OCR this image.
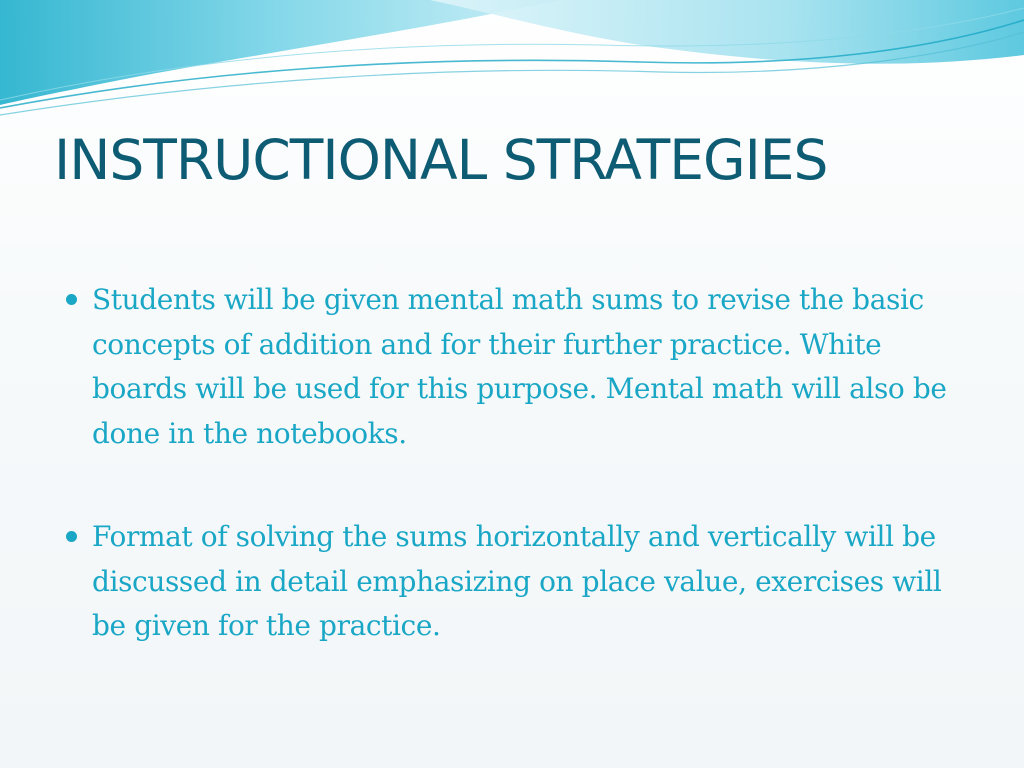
INSTRUCTIONAL STRATEGIES
Students will be given mental math sums to revise the basic concepts of addition and for their further practice. White boards will be used for this purpose. Mental math will also be done in the notebooks.
Format of solving the sums horizontally and vertically will be discussed in detail emphasizing on place value, exercises will be given for the practice.
